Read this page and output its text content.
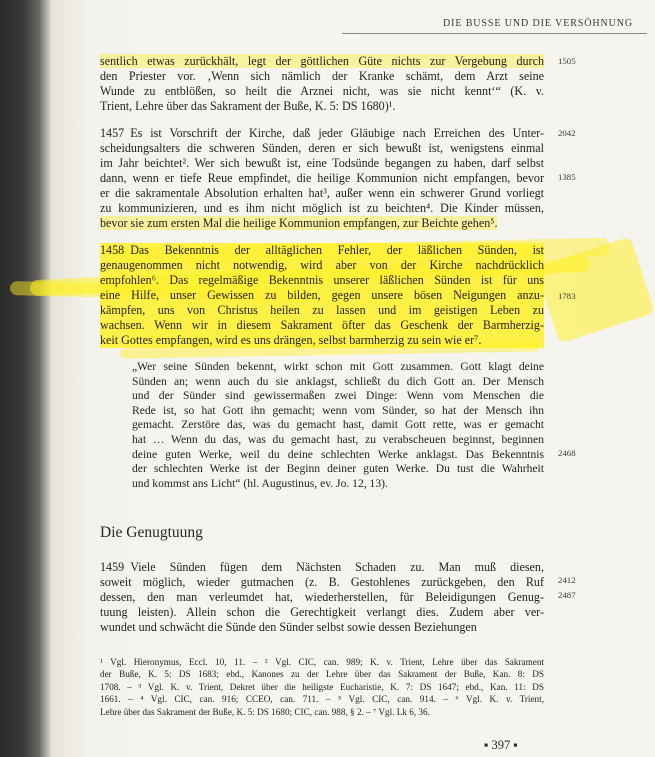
DIE BUSSE UND DIE VERSÖHNUNG
sentlich etwas zurückhält, legt der göttlichen Güte nichts zur Vergebung durch
den Priester vor. ‚Wenn sich nämlich der Kranke schämt, dem Arzt seine
Wunde zu entblößen, so heilt die Arznei nicht, was sie nicht kennt‘“ (K. v.
Trient, Lehre über das Sakrament der Buße, K. 5: DS 1680)¹.
1457 Es ist Vorschrift der Kirche, daß jeder Gläubige nach Erreichen des Unter-
scheidungsalters die schweren Sünden, deren er sich bewußt ist, wenigstens einmal
im Jahr beichtet². Wer sich bewußt ist, eine Todsünde begangen zu haben, darf selbst
dann, wenn er tiefe Reue empfindet, die heilige Kommunion nicht empfangen, bevor
er die sakramentale Absolution erhalten hat³, außer wenn ein schwerer Grund vorliegt
zu kommunizieren, und es ihm nicht möglich ist zu beichten⁴. Die Kinder müssen,
bevor sie zum ersten Mal die heilige Kommunion empfangen, zur Beichte gehen⁵.
1458 Das Bekenntnis der alltäglichen Fehler, der läßlichen Sünden, ist
genaugenommen nicht notwendig, wird aber von der Kirche nachdrücklich
empfohlen⁶. Das regelmäßige Bekenntnis unserer läßlichen Sünden ist für uns
eine Hilfe, unser Gewissen zu bilden, gegen unsere bösen Neigungen anzu-
kämpfen, uns von Christus heilen zu lassen und im geistigen Leben zu
wachsen. Wenn wir in diesem Sakrament öfter das Geschenk der Barmherzig-
keit Gottes empfangen, wird es uns drängen, selbst barmherzig zu sein wie er⁷.
„Wer seine Sünden bekennt, wirkt schon mit Gott zusammen. Gott klagt deine
Sünden an; wenn auch du sie anklagst, schließt du dich Gott an. Der Mensch
und der Sünder sind gewissermaßen zwei Dinge: Wenn vom Menschen die
Rede ist, so hat Gott ihn gemacht; wenn vom Sünder, so hat der Mensch ihn
gemacht. Zerstöre das, was du gemacht hast, damit Gott rette, was er gemacht
hat … Wenn du das, was du gemacht hast, zu verabscheuen beginnst, beginnen
deine guten Werke, weil du deine schlechten Werke anklagst. Das Bekenntnis
der schlechten Werke ist der Beginn deiner guten Werke. Du tust die Wahrheit
und kommst ans Licht“ (hl. Augustinus, ev. Jo. 12, 13).
Die Genugtuung
1459 Viele Sünden fügen dem Nächsten Schaden zu. Man muß diesen,
soweit möglich, wieder gutmachen (z. B. Gestohlenes zurückgeben, den Ruf
dessen, den man verleumdet hat, wiederherstellen, für Beleidigungen Genug-
tuung leisten). Allein schon die Gerechtigkeit verlangt dies. Zudem aber ver-
wundet und schwächt die Sünde den Sünder selbst sowie dessen Beziehungen
1505
2042
1385
1783
2468
2412
2487
¹ Vgl. Hieronymus, Eccl. 10, 11. – ² Vgl. CIC, can. 989; K. v. Trient, Lehre über das Sakrament
der Buße, K. 5: DS 1683; ebd., Kanones zu der Lehre über das Sakrament der Buße, Kan. 8: DS
1708. – ³ Vgl. K. v. Trient, Dekret über die heiligste Eucharistie, K. 7: DS 1647; ebd., Kan. 11: DS
1661. – ⁴ Vgl. CIC, can. 916; CCEO, can. 711. – ⁵ Vgl. CIC, can. 914. – ⁶ Vgl. K. v. Trient,
Lehre über das Sakrament der Buße, K. 5: DS 1680; CIC, can. 988, § 2. – ⁷ Vgl. Lk 6, 36.
▪ 397 ▪
